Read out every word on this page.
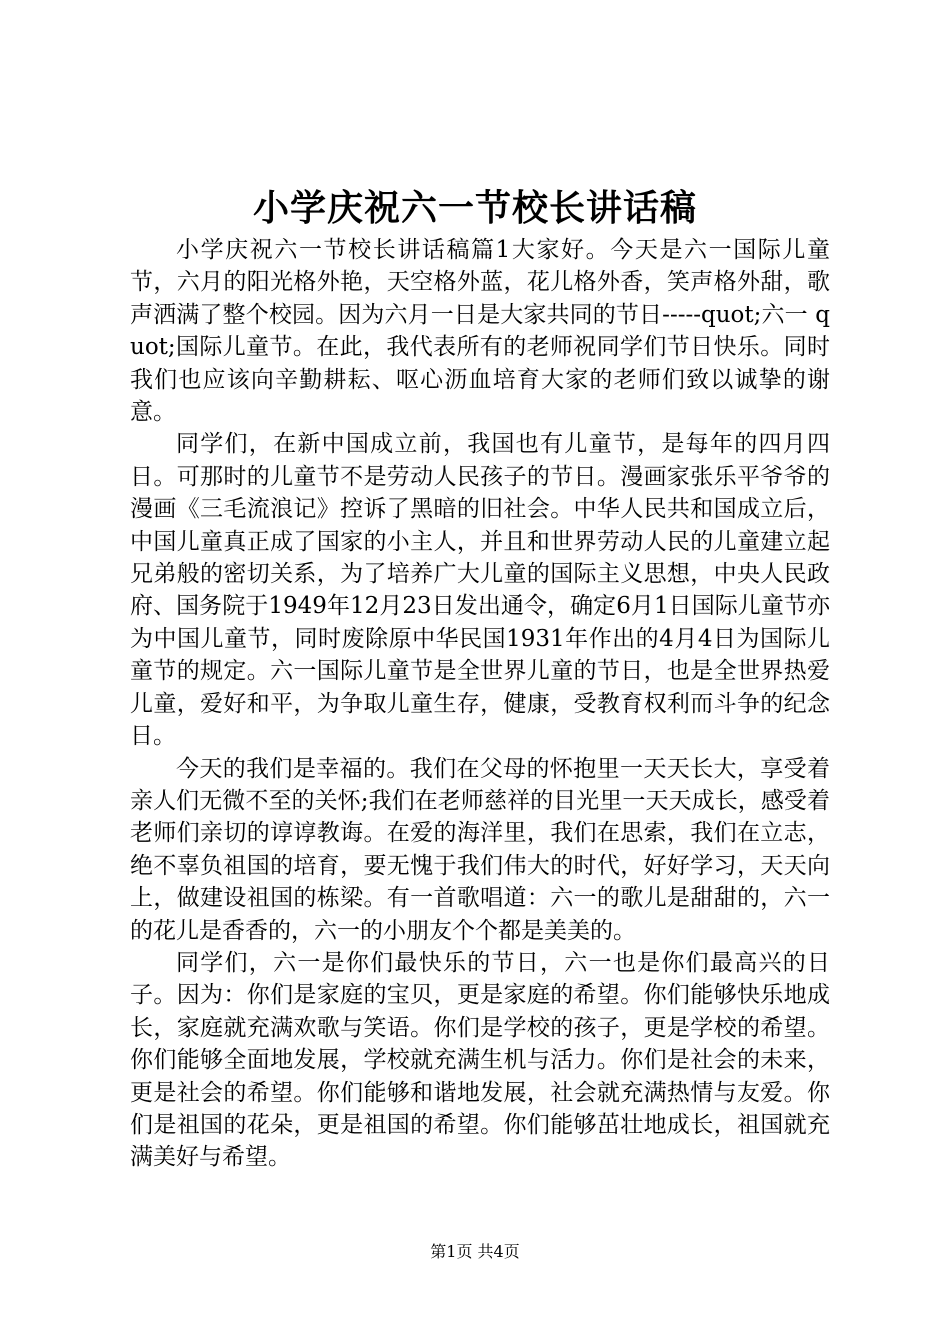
小学庆祝六一节校长讲话稿

小学庆祝六一节校长讲话稿篇1大家好。今天是六一国际儿童节，六月的阳光格外艳，天空格外蓝，花儿格外香，笑声格外甜，歌声洒满了整个校园。因为六月一日是大家共同的节日-----quot;六一 quot;国际儿童节。在此，我代表所有的老师祝同学们节日快乐。同时我们也应该向辛勤耕耘、呕心沥血培育大家的老师们致以诚挚的谢意。

同学们，在新中国成立前，我国也有儿童节，是每年的四月四日。可那时的儿童节不是劳动人民孩子的节日。漫画家张乐平爷爷的漫画《三毛流浪记》控诉了黑暗的旧社会。中华人民共和国成立后，中国儿童真正成了国家的小主人，并且和世界劳动人民的儿童建立起兄弟般的密切关系，为了培养广大儿童的国际主义思想，中央人民政府、国务院于1949年12月23日发出通令，确定6月1日国际儿童节亦为中国儿童节，同时废除原中华民国1931年作出的4月4日为国际儿童节的规定。六一国际儿童节是全世界儿童的节日，也是全世界热爱儿童，爱好和平，为争取儿童生存，健康，受教育权利而斗争的纪念日。

今天的我们是幸福的。我们在父母的怀抱里一天天长大，享受着亲人们无微不至的关怀;我们在老师慈祥的目光里一天天成长，感受着老师们亲切的谆谆教诲。在爱的海洋里，我们在思索，我们在立志，绝不辜负祖国的培育，要无愧于我们伟大的时代，好好学习，天天向上，做建设祖国的栋梁。有一首歌唱道：六一的歌儿是甜甜的，六一的花儿是香香的，六一的小朋友个个都是美美的。

同学们，六一是你们最快乐的节日，六一也是你们最高兴的日子。因为：你们是家庭的宝贝，更是家庭的希望。你们能够快乐地成长，家庭就充满欢歌与笑语。你们是学校的孩子，更是学校的希望。你们能够全面地发展，学校就充满生机与活力。你们是社会的未来，更是社会的希望。你们能够和谐地发展，社会就充满热情与友爱。你们是祖国的花朵，更是祖国的希望。你们能够茁壮地成长，祖国就充满美好与希望。

第1页 共4页
